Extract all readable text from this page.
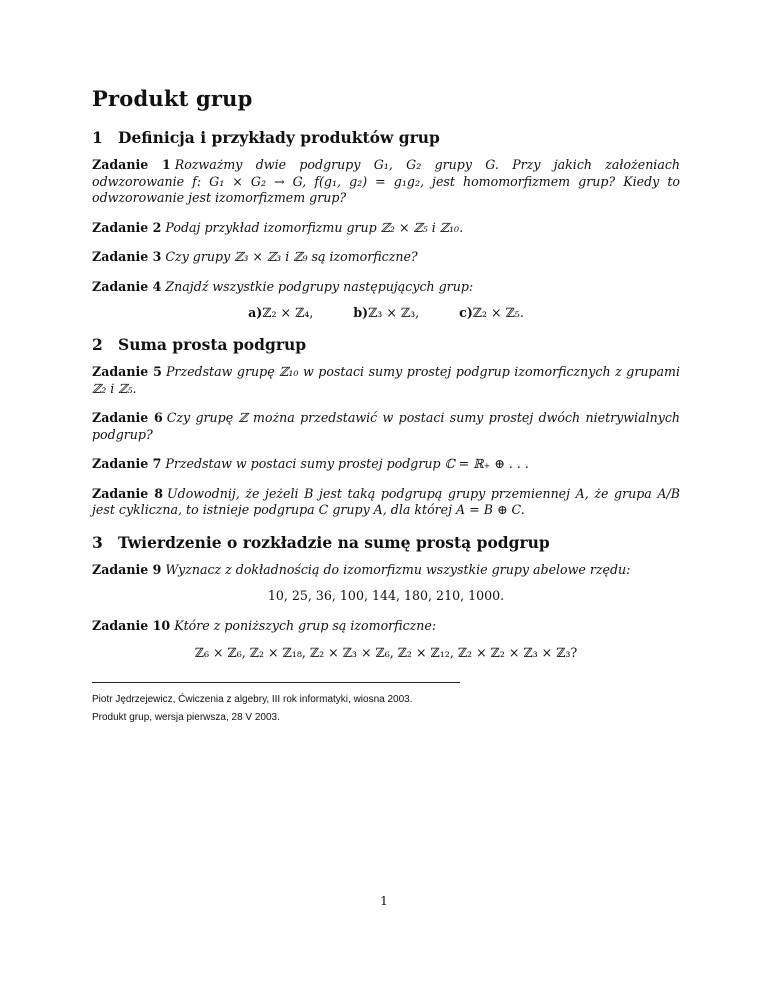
Produkt grup
1 Definicja i przykłady produktów grup

Zadanie 1 Rozważmy dwie podgrupy G₁, G₂ grupy G. Przy jakich założeniach odwzorowanie f: G₁ × G₂ → G, f(g₁, g₂) = g₁g₂, jest homomorfizmem grup? Kiedy to odwzorowanie jest izomorfizmem grup?

Zadanie 2 Podaj przykład izomorfizmu grup ℤ₂ × ℤ₅ i ℤ₁₀.

Zadanie 3 Czy grupy ℤ₃ × ℤ₃ i ℤ₉ są izomorficzne?

Zadanie 4 Znajdź wszystkie podgrupy następujących grup:

a)ℤ₂ × ℤ₄,	b)ℤ₃ × ℤ₃,	c)ℤ₂ × ℤ₅.
2 Suma prosta podgrup

Zadanie 5 Przedstaw grupę ℤ₁₀ w postaci sumy prostej podgrup izomorficznych z grupami ℤ₂ i ℤ₅.

Zadanie 6 Czy grupę ℤ można przedstawić w postaci sumy prostej dwóch nietrywialnych podgrup?

Zadanie 7 Przedstaw w postaci sumy prostej podgrup ℂ = ℝ₊ ⊕ . . .

Zadanie 8 Udowodnij, że jeżeli B jest taką podgrupą grupy przemiennej A, że grupa A/B jest cykliczna, to istnieje podgrupa C grupy A, dla której A = B ⊕ C.

3 Twierdzenie o rozkładzie na sumę prostą podgrup

Zadanie 9 Wyznacz z dokładnością do izomorfizmu wszystkie grupy abelowe rzędu:

10, 25, 36, 100, 144, 180, 210, 1000.

Zadanie 10 Które z poniższych grup są izomorficzne:

ℤ₆ × ℤ₆, ℤ₂ × ℤ₁₈, ℤ₂ × ℤ₃ × ℤ₆, ℤ₂ × ℤ₁₂, ℤ₂ × ℤ₂ × ℤ₃ × ℤ₃?
Piotr Jędrzejewicz, Ćwiczenia z algebry, III rok informatyki, wiosna 2003.
Produkt grup, wersja pierwsza, 28 V 2003.
1
